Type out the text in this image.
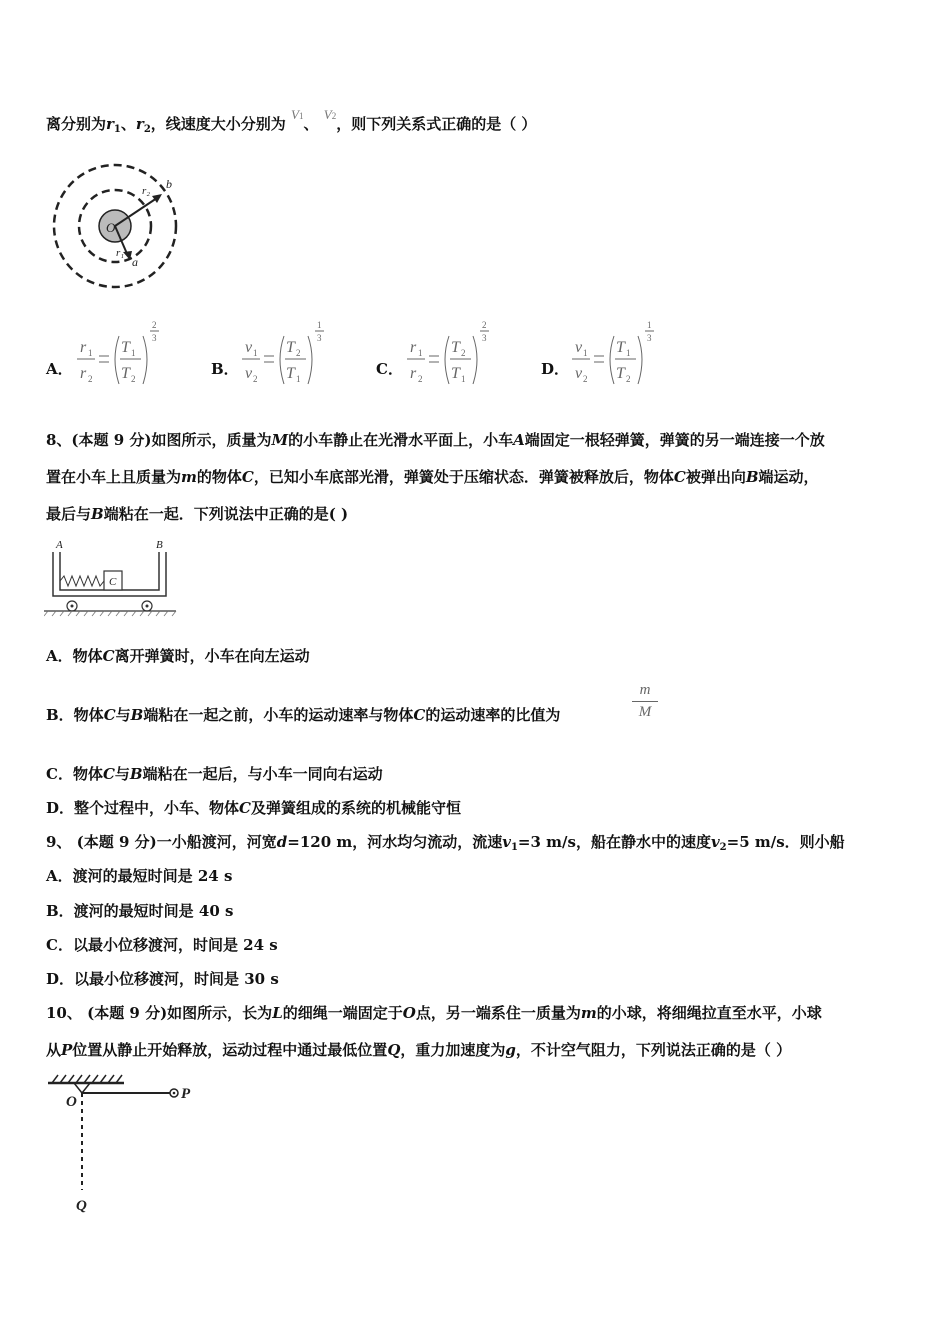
离分别为$r_1$、$r_2$，线速度大小分别为 $V^1$、 $V^2$，则下列关系式正确的是（ ）
O
r₂ b
r₁
a
A．
r 1
r 2
T 1
T 2
2
3
B．
v 1
v 2
T 2
T 1
1
3
C．
r 1
r 2
T 2
T 1
2
3
D．
v 1
v 2
T 1
T 2
1
3
8、(本题 9 分)如图所示，质量为M的小车静止在光滑水平面上，小车A端固定一根轻弹簧，弹簧的另一端连接一个放
置在小车上且质量为m的物体C，已知小车底部光滑，弹簧处于压缩状态．弹簧被释放后，物体C被弹出向B端运动，
最后与B端粘在一起．下列说法中正确的是( )
A	B
C
A．物体C离开弹簧时，小车在向左运动
B．物体C与B端粘在一起之前，小车的运动速率与物体C的运动速率的比值为
m
M
C．物体C与B端粘在一起后，与小车一同向右运动
D．整个过程中，小车、物体C及弹簧组成的系统的机械能守恒
9、 (本题 9 分)一小船渡河，河宽d=120 m，河水均匀流动，流速$v_1=3$ m/s，船在静水中的速度$v_2=5$ m/s．则小船
A．渡河的最短时间是 24 s
B．渡河的最短时间是 40 s
C．以最小位移渡河，时间是 24 s
D．以最小位移渡河，时间是 30 s
10、 (本题 9 分)如图所示，长为L的细绳一端固定于O点，另一端系住一质量为m的小球，将细绳拉直至水平，小球
从P位置从静止开始释放，运动过程中通过最低位置Q，重力加速度为g，不计空气阻力，下列说法正确的是（ ）
O	P
Q
